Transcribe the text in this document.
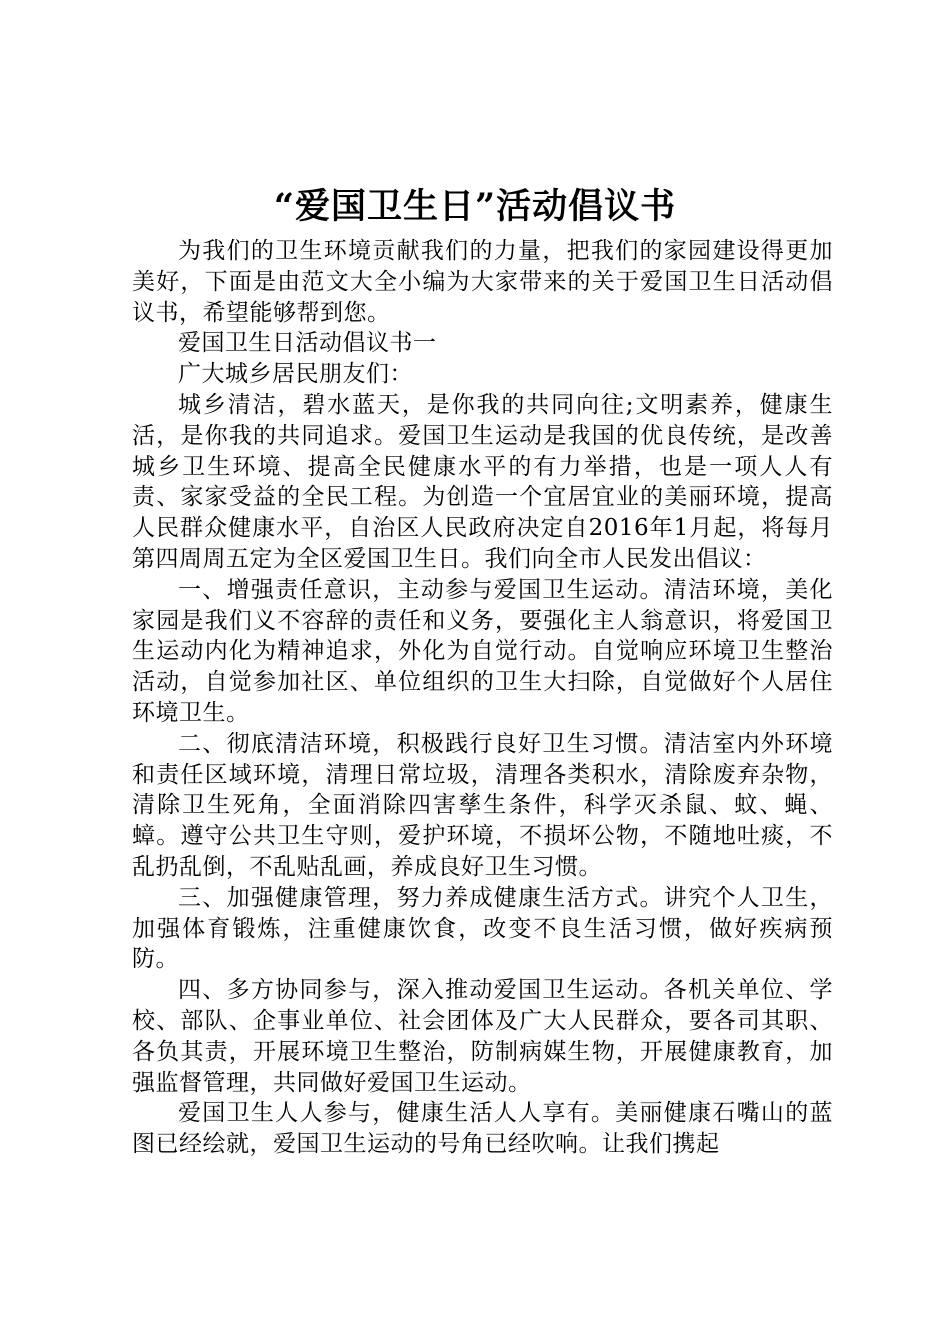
“爱国卫生日”活动倡议书

为我们的卫生环境贡献我们的力量，把我们的家园建设得更加美好，下面是由范文大全小编为大家带来的关于爱国卫生日活动倡议书，希望能够帮到您。

爱国卫生日活动倡议书一

广大城乡居民朋友们：

城乡清洁，碧水蓝天，是你我的共同向往;文明素养，健康生活，是你我的共同追求。爱国卫生运动是我国的优良传统，是改善城乡卫生环境、提高全民健康水平的有力举措，也是一项人人有责、家家受益的全民工程。为创造一个宜居宜业的美丽环境，提高人民群众健康水平，自治区人民政府决定自2016年1月起，将每月第四周周五定为全区爱国卫生日。我们向全市人民发出倡议：

一、增强责任意识，主动参与爱国卫生运动。清洁环境，美化家园是我们义不容辞的责任和义务，要强化主人翁意识，将爱国卫生运动内化为精神追求，外化为自觉行动。自觉响应环境卫生整治活动，自觉参加社区、单位组织的卫生大扫除，自觉做好个人居住环境卫生。

二、彻底清洁环境，积极践行良好卫生习惯。清洁室内外环境和责任区域环境，清理日常垃圾，清理各类积水，清除废弃杂物，清除卫生死角，全面消除四害孳生条件，科学灭杀鼠、蚊、蝇、蟑。遵守公共卫生守则，爱护环境，不损坏公物，不随地吐痰，不乱扔乱倒，不乱贴乱画，养成良好卫生习惯。

三、加强健康管理，努力养成健康生活方式。讲究个人卫生，加强体育锻炼，注重健康饮食，改变不良生活习惯，做好疾病预防。

四、多方协同参与，深入推动爱国卫生运动。各机关单位、学校、部队、企事业单位、社会团体及广大人民群众，要各司其职、各负其责，开展环境卫生整治，防制病媒生物，开展健康教育，加强监督管理，共同做好爱国卫生运动。

爱国卫生人人参与，健康生活人人享有。美丽健康石嘴山的蓝图已经绘就，爱国卫生运动的号角已经吹响。让我们携起
